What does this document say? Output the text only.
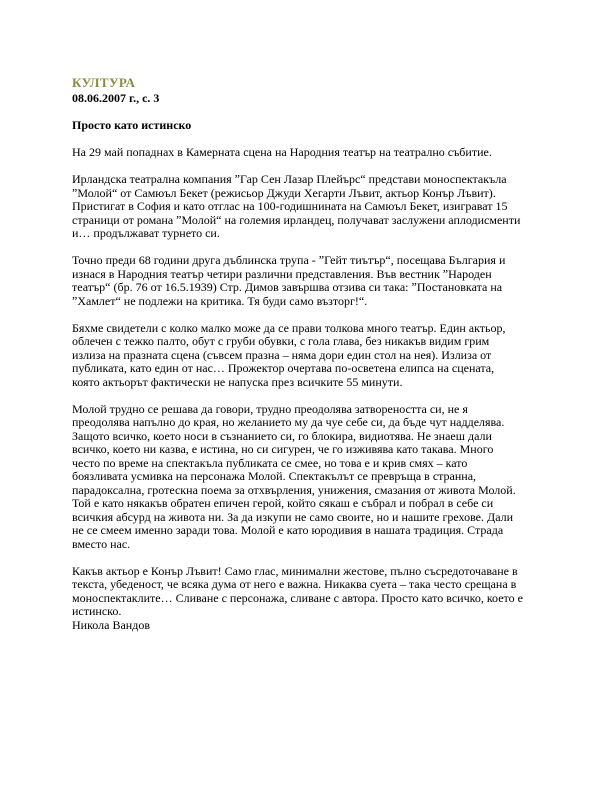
КУЛТУРА
08.06.2007 г., с. 3
Просто като истинско
На 29 май попаднах в Камерната сцена на Народния театър на театрално събитие.
Ирландска театрална компания ˮГар Сен Лазар Плейърс“ представи моноспектакъла
ˮМолой“ от Самюъл Бекет (режисьор Джуди Хегарти Лъвит, актьор Конър Лъвит).
Пристигат в София и като отглас на 100-годишнината на Самюъл Бекет, изиграват 15
страници от романа ˮМолой“ на големия ирландец, получават заслужени аплодисменти
и… продължават турнето си.
Точно преди 68 години друга дъблинска трупа - ˮГейт тиътър“, посещава България и
изнася в Народния театър четири различни представления. Във вестник ˮНароден
театър“ (бр. 76 от 16.5.1939) Стр. Димов завършва отзива си така: ˮПостановката на
ˮХамлет“ не подлежи на критика. Тя буди само възторг!“.
Бяхме свидетели с колко малко може да се прави толкова много театър. Един актьор,
облечен с тежко палто, обут с груби обувки, с гола глава, без никакъв видим грим
излиза на празната сцена (съвсем празна – няма дори един стол на нея). Излиза от
публиката, като един от нас… Прожектор очертава по-осветена елипса на сцената,
която актьорът фактически не напуска през всичките 55 минути.
Молой трудно се решава да говори, трудно преодолява затвореността си, не я
преодолява напълно до края, но желанието му да чуе себе си, да бъде чут надделява.
Защото всичко, което носи в съзнанието си, го блокира, видиотява. Не знаеш дали
всичко, което ни казва, е истина, но си сигурен, че го изживява като такава. Много
често по време на спектакъла публиката се смее, но това е и крив смях – като
боязливата усмивка на персонажа Молой. Спектакълът се превръща в странна,
парадоксална, гротескна поема за отхвърления, унижения, смазания от живота Молой.
Той е като някакъв обратен епичен герой, който сякаш е събрал и побрал в себе си
всичкия абсурд на живота ни. За да изкупи не само своите, но и нашите грехове. Дали
не се смеем именно заради това. Молой е като юродивия в нашата традиция. Страда
вместо нас.
Какъв актьор е Конър Лъвит! Само глас, минимални жестове, пълно съсредоточаване в
текста, убеденост, че всяка дума от него е важна. Никаква суета – така често срещана в
моноспектаклите… Сливане с персонажа, сливане с автора. Просто като всичко, което е
истинско.
Никола Вандов
